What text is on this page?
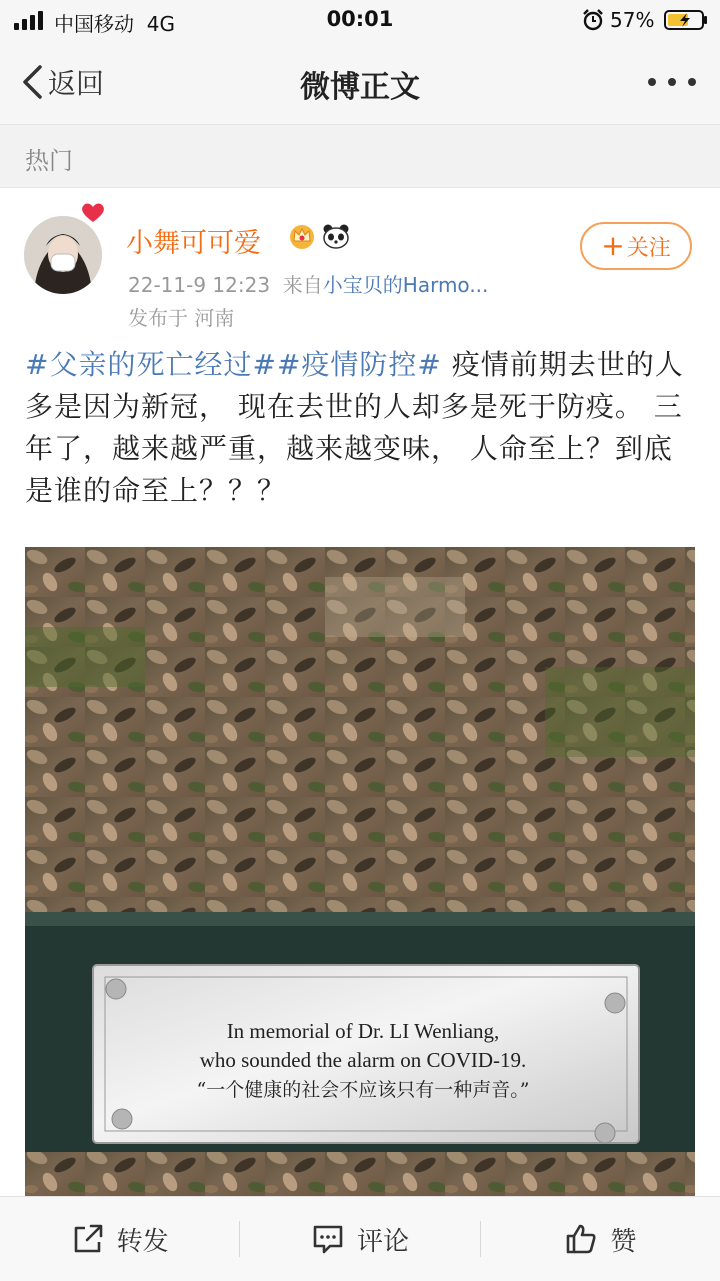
中国移动 4G	00:01	57%
返回	微博正文
热门
小舞可可爱
22-11-9 12:23 来自小宝贝的Harmo...
发布于 河南
+ 关注
#父亲的死亡经过##疫情防控# 疫情前期去世的人多是因为新冠， 现在去世的人却多是死于防疫。 三年了，越来越严重，越来越变味， 人命至上？到底是谁的命至上？？？
In memorial of Dr. LI Wenliang,
who sounded the alarm on COVID-19.
“一个健康的社会不应该只有一种声音。”
转发	评论	赞
